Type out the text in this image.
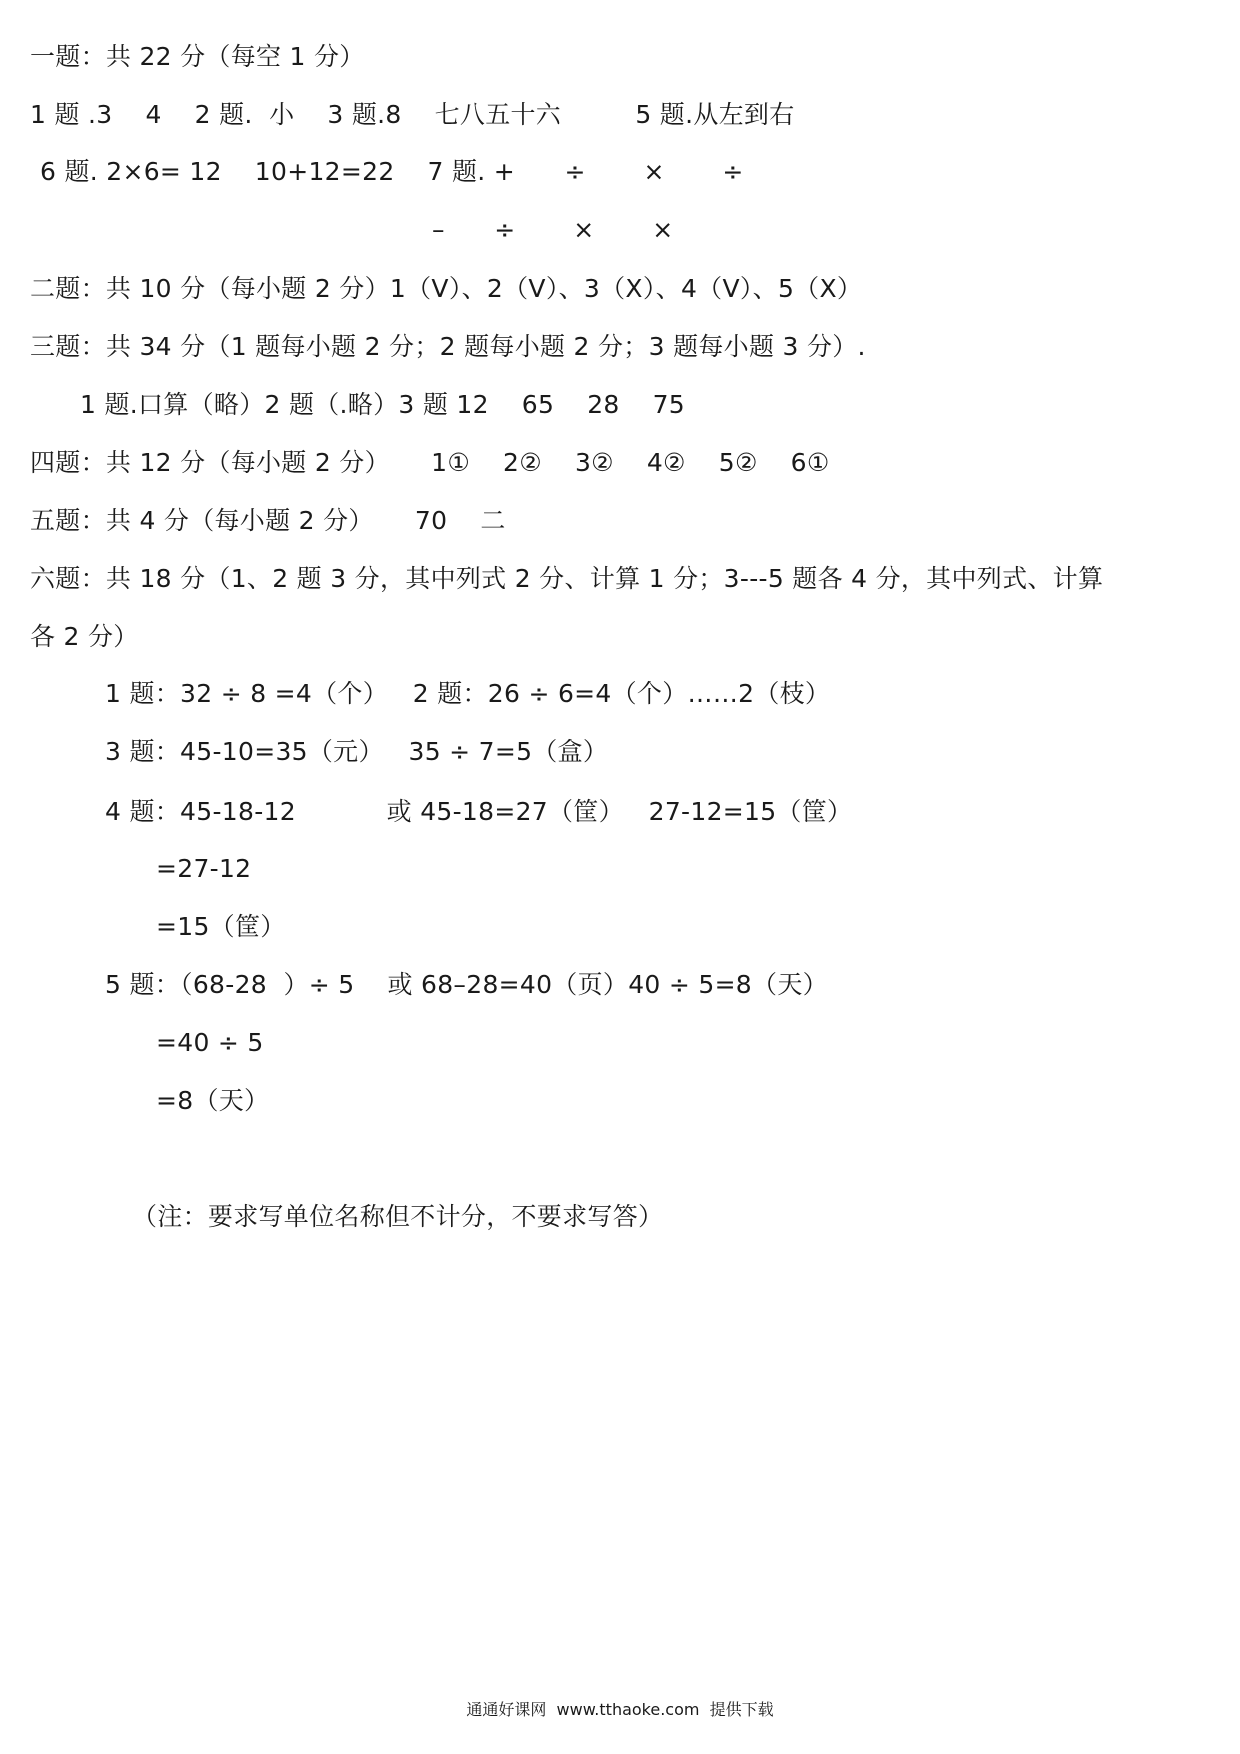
一题：共 22 分（每空 1 分）
1 题 .3    4    2 题.  小    3 题.8    七八五十六         5 题.从左到右
6 题. 2×6= 12    10+12=22    7 题. +      ÷       ×       ÷
–      ÷       ×       ×
二题：共 10 分（每小题 2 分）1（V）、2（V）、3（X）、4（V）、5（X）
三题：共 34 分（1 题每小题 2 分；2 题每小题 2 分；3 题每小题 3 分）.
1 题.口算（略）2 题（.略）3 题 12    65    28    75
四题：共 12 分（每小题 2 分）     1①    2②    3②    4②    5②    6①
五题：共 4 分（每小题 2 分）     70    二
六题：共 18 分（1、2 题 3 分，其中列式 2 分、计算 1 分；3---5 题各 4 分，其中列式、计算
各 2 分）
1 题：32 ÷ 8 =4（个）   2 题：26 ÷ 6=4（个）……2（枝）
3 题：45-10=35（元）   35 ÷ 7=5（盒）
4 题：45-18-12           或 45-18=27（筐）   27-12=15（筐）
=27-12
=15（筐）
5 题：（68-28  ）÷ 5    或 68–28=40（页）40 ÷ 5=8（天）
=40 ÷ 5
=8（天）
（注：要求写单位名称但不计分，不要求写答）
通通好课网  www.tthaoke.com  提供下载
